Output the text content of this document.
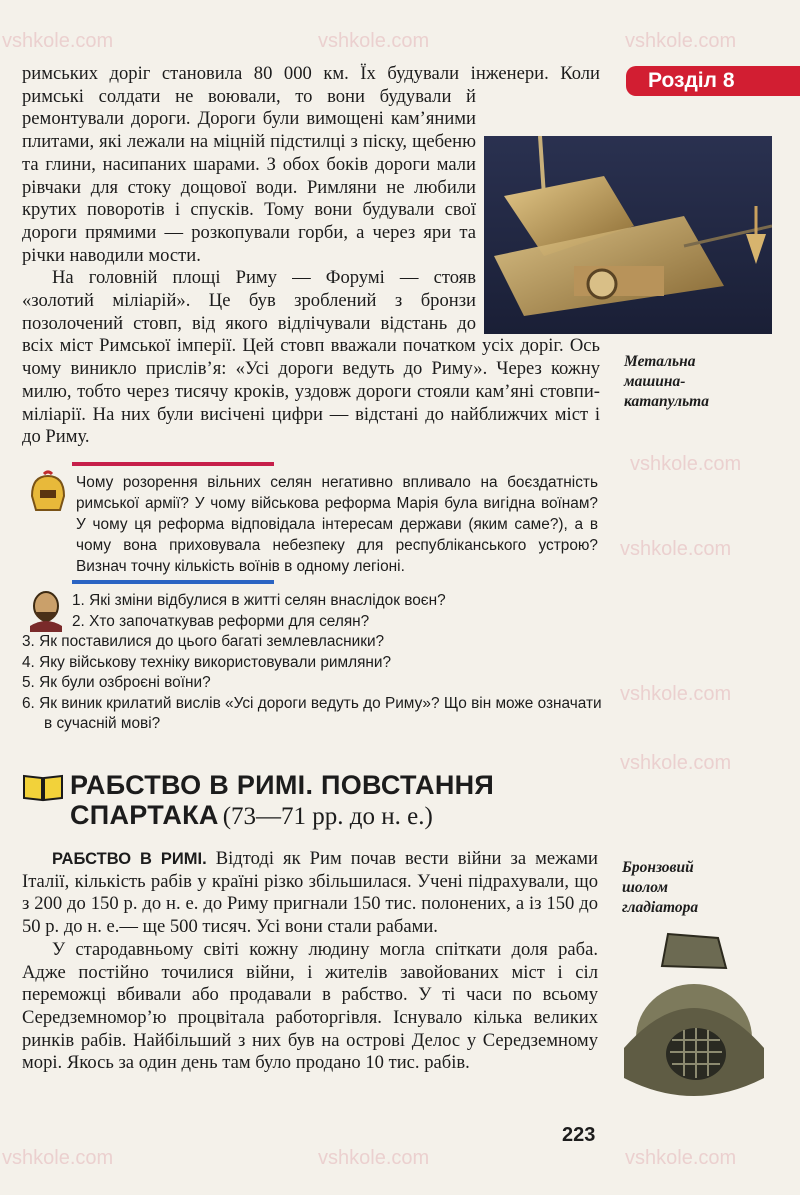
vshkole.com	vshkole.com	vshkole.com
vshkole.com
vshkole.com
vshkole.com
vshkole.com
vshkole.com	vshkole.com	vshkole.com
Розділ 8
Метальна машина-катапульта

римських доріг становила 80 000 км. Їх будували інженери. Коли римські солдати не воювали, то вони будували й ремонтували дороги. Дороги були вимощені кам’яними плитами, які лежали на міцній підстилці з піску, щебеню та глини, насипаних шарами. З обох боків дороги мали рівчаки для стоку дощової води. Римляни не любили крутих поворотів і спусків. Тому вони будували свої дороги прямими — розкопували горби, а через яри та річки наводили мости.

На головній площі Риму — Форумі — стояв «золотий міліарій». Це був зроблений з бронзи позолочений стовп, від якого відлічували відстань до всіх міст Римської імперії. Цей стовп вважали початком усіх доріг. Ось чому виникло прислів’я: «Усі дороги ведуть до Риму». Через кожну милю, тобто через тисячу кроків, уздовж дороги стояли кам’яні стовпи-міліарії. На них були висічені цифри — відстані до найближчих міст і до Риму.

Чому розорення вільних селян негативно впливало на боєздатність римської армії? У чому військова реформа Марія була вигідна воїнам? У чому ця реформа відповідала інтересам держави (яким саме?), а в чому вона приховувала небезпеку для республіканського устрою? Визнач точну кількість воїнів в одному легіоні.

1. Які зміни відбулися в житті селян внаслідок воєн?

2. Хто започаткував реформи для селян?

3. Як поставилися до цього багаті землевласники?

4. Яку військову техніку використовували римляни?

5. Як були озброєні воїни?

6. Як виник крилатий вислів «Усі дороги ведуть до Риму»? Що він може означати в сучасній мові?

РАБСТВО В РИМІ. ПОВСТАННЯ
СПАРТАКА (73—71 рр. до н. е.)

РАБСТВО В РИМІ. Відтоді як Рим почав вести війни за межами Італії, кількість рабів у країні різко збільшилася. Учені підрахували, що з 200 до 150 р. до н. е. до Риму пригнали 150 тис. полонених, а із 150 до 50 р. до н. е.— ще 500 тисяч. Усі вони стали рабами.

У стародавньому світі кожну людину могла спіткати доля раба. Адже постійно точилися війни, і жителів завойованих міст і сіл переможці вбивали або продавали в рабство. У ті часи по всьому Середземномор’ю процвітала работоргівля. Існувало кілька великих ринків рабів. Найбільший з них був на острові Делос у Середземному морі. Якось за один день там було продано 10 тис. рабів.

Бронзовий шолом гладіатора
223
